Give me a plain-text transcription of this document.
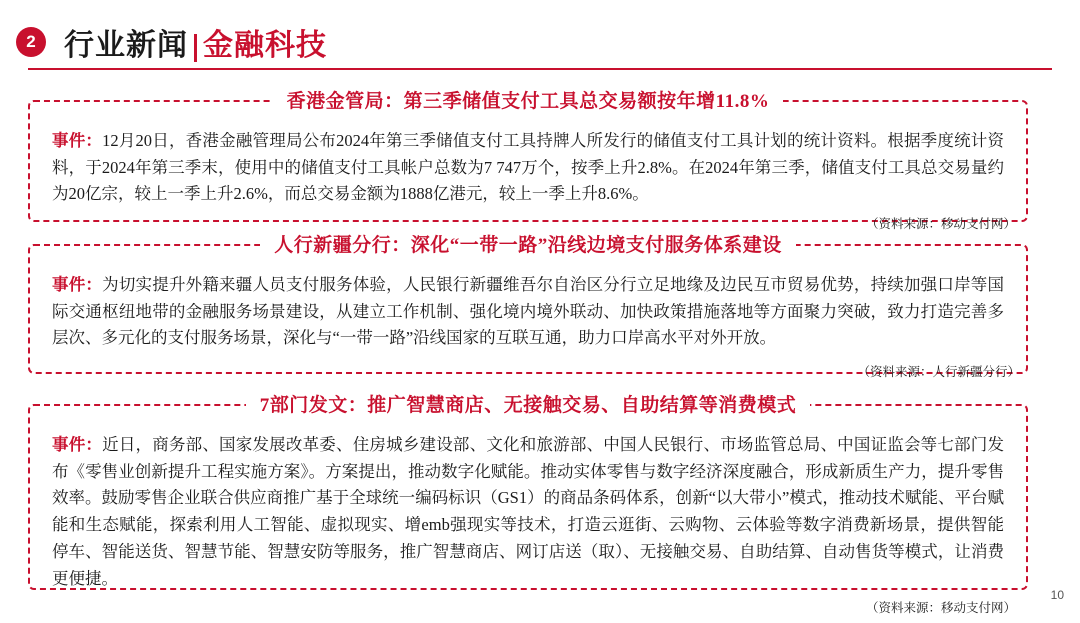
2 行业新闻 金融科技
香港金管局：第三季储值支付工具总交易额按年增11.8%
事件：12月20日，香港金融管理局公布2024年第三季储值支付工具持牌人所发行的储值支付工具计划的统计资料。根据季度统计资料，于2024年第三季末，使用中的储值支付工具帐户总数为7 747万个，按季上升2.8%。在2024年第三季，储值支付工具总交易量约为20亿宗，较上一季上升2.6%，而总交易金额为1888亿港元，较上一季上升8.6%。
（资料来源：移动支付网）
人行新疆分行：深化“一带一路”沿线边境支付服务体系建设
事件：为切实提升外籍来疆人员支付服务体验，人民银行新疆维吾尔自治区分行立足地缘及边民互市贸易优势，持续加强口岸等国际交通枢纽地带的金融服务场景建设，从建立工作机制、强化境内境外联动、加快政策措施落地等方面聚力突破，致力打造完善多层次、多元化的支付服务场景，深化与“一带一路”沿线国家的互联互通，助力口岸高水平对外开放。
（资料来源：人行新疆分行）
7部门发文：推广智慧商店、无接触交易、自助结算等消费模式
事件：近日，商务部、国家发展改革委、住房城乡建设部、文化和旅游部、中国人民银行、市场监管总局、中国证监会等七部门发布《零售业创新提升工程实施方案》。方案提出，推动数字化赋能。推动实体零售与数字经济深度融合，形成新质生产力，提升零售效率。鼓励零售企业联合供应商推广基于全球统一编码标识（GS1）的商品条码体系，创新“以大带小”模式，推动技术赋能、平台赋能和生态赋能，探索利用人工智能、虚拟现实、增emb强现实等技术，打造云逛街、云购物、云体验等数字消费新场景，提供智能停车、智能送货、智慧节能、智慧安防等服务，推广智慧商店、网订店送（取）、无接触交易、自助结算、自动售货等模式，让消费更便捷。
（资料来源：移动支付网）
10
